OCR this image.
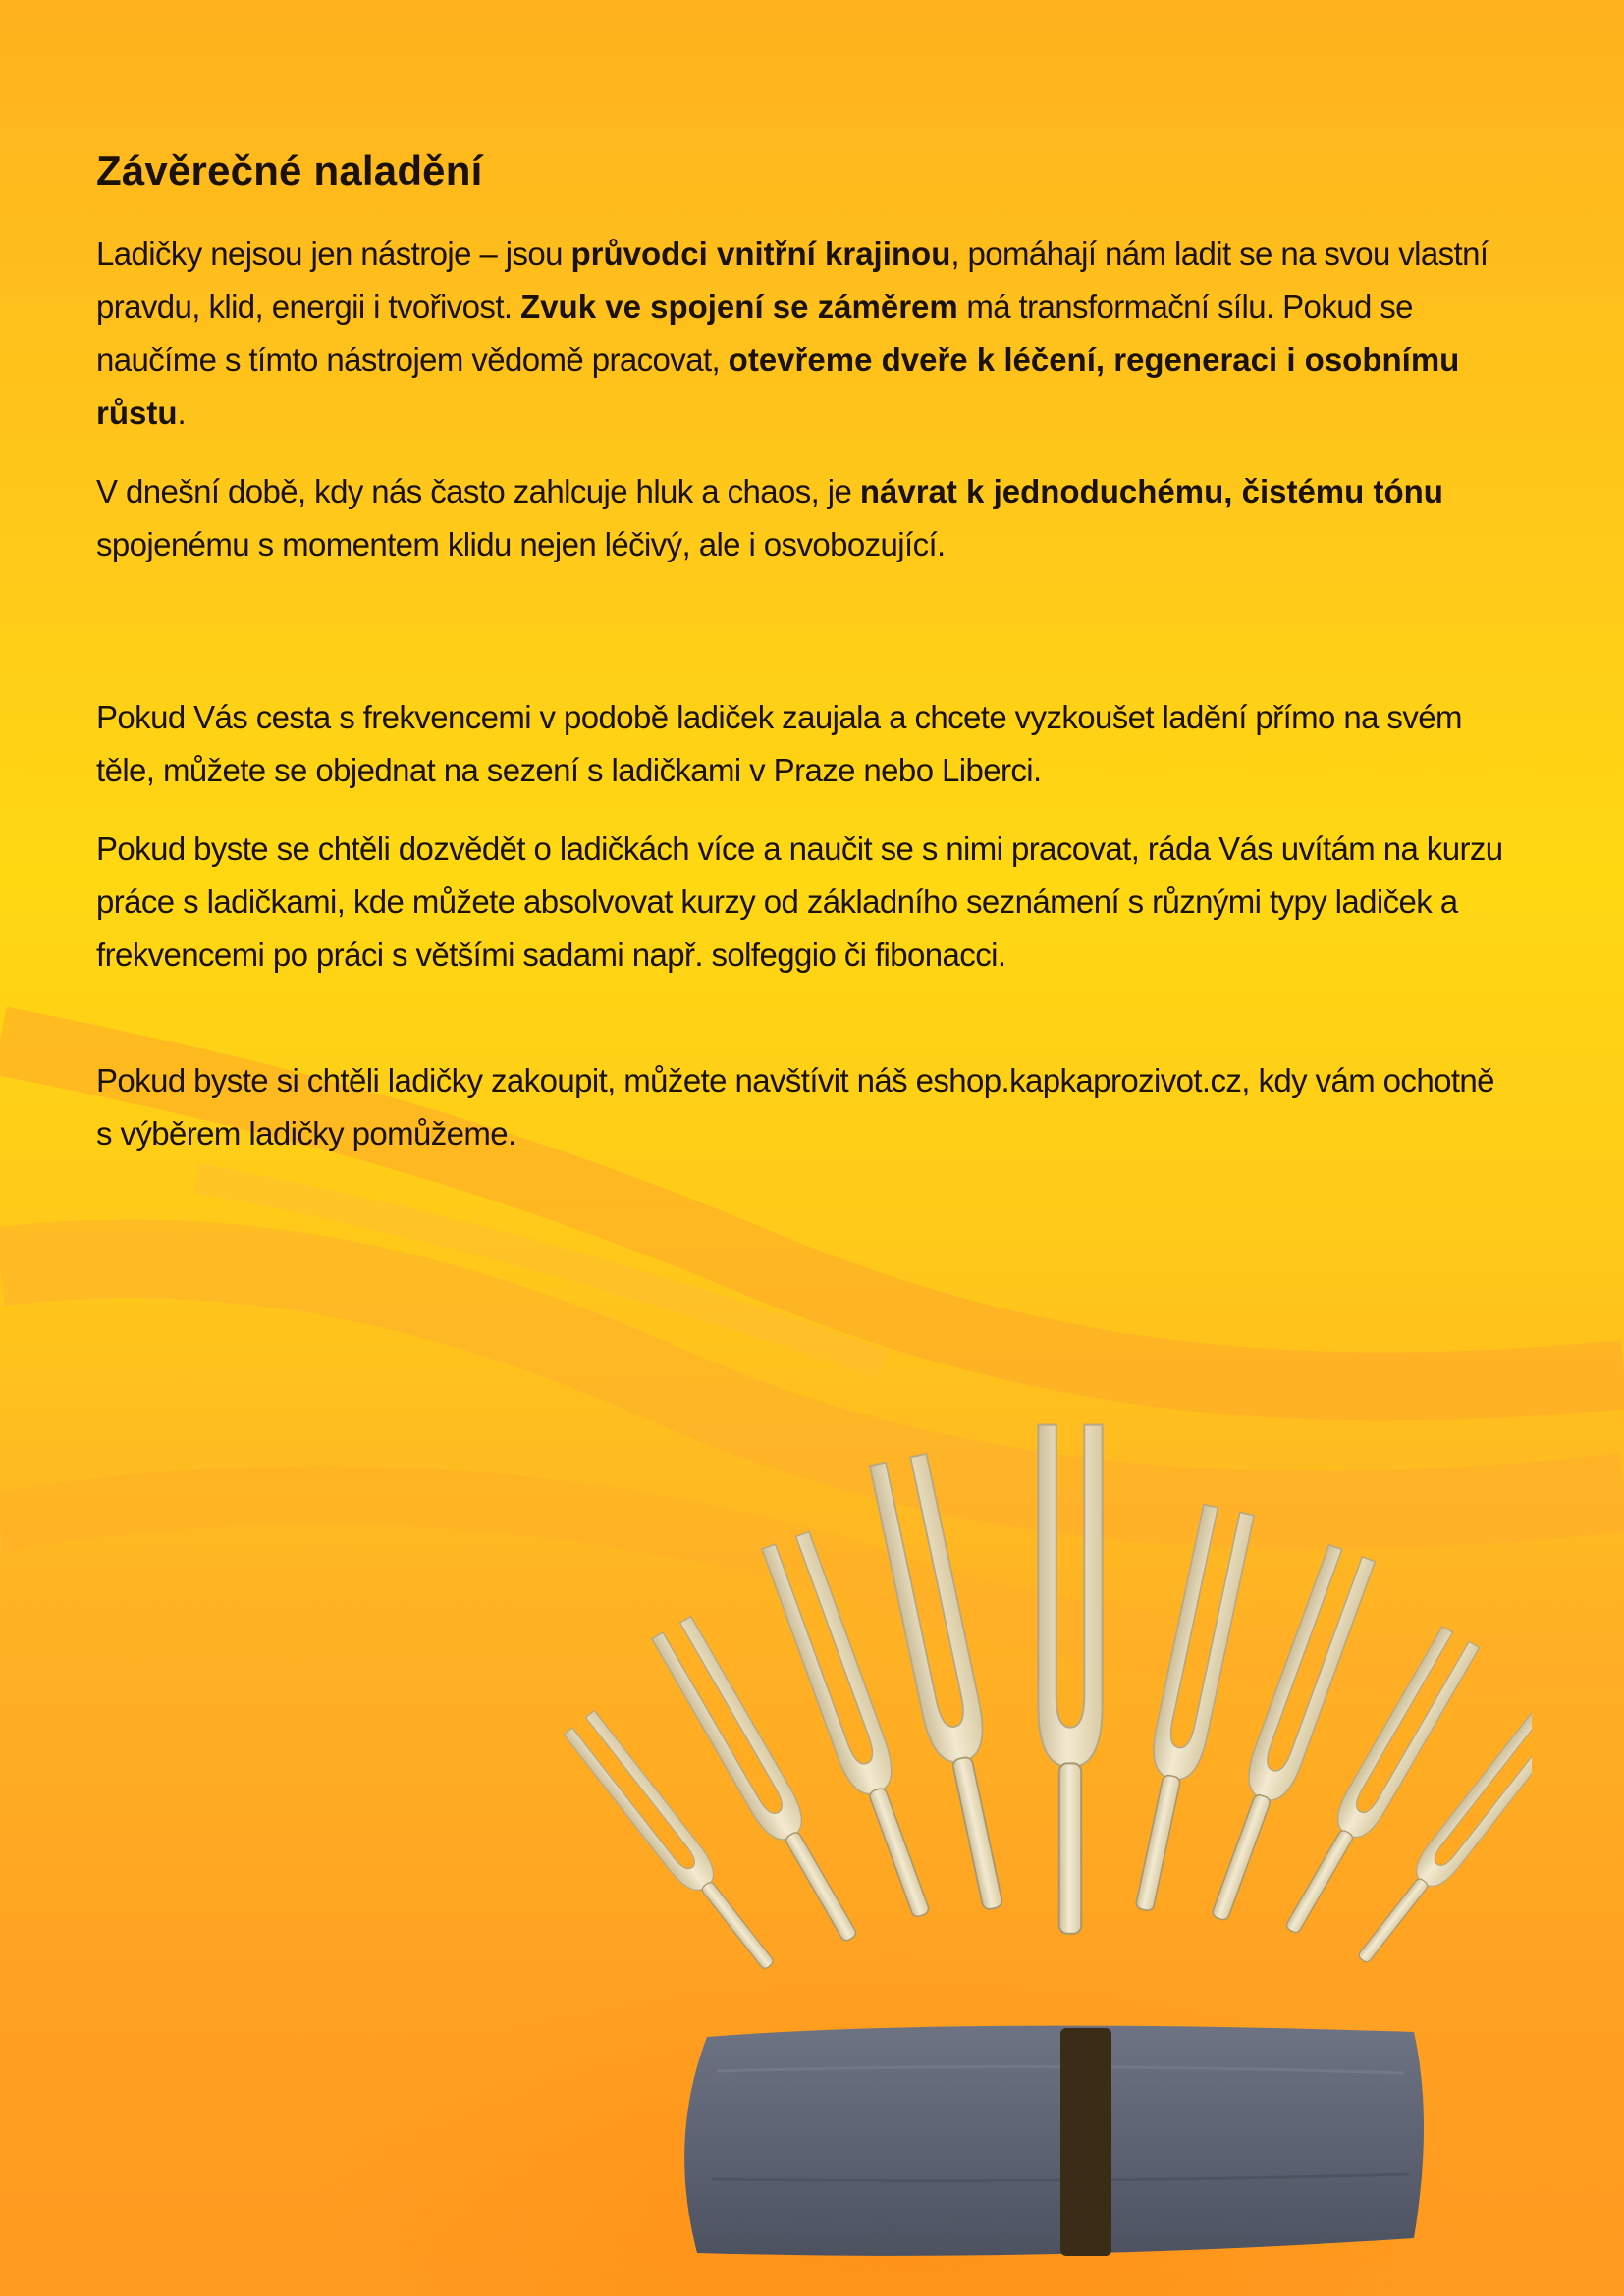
Závěrečné naladění

Ladičky nejsou jen nástroje – jsou průvodci vnitřní krajinou, pomáhají nám ladit se na svou vlastní pravdu, klid, energii i tvořivost. Zvuk ve spojení se záměrem má transformační sílu. Pokud se naučíme s tímto nástrojem vědomě pracovat, otevřeme dveře k léčení, regeneraci i osobnímu růstu.

V dnešní době, kdy nás často zahlcuje hluk a chaos, je návrat k jednoduchému, čistému tónu spojenému s momentem klidu nejen léčivý, ale i osvobozující.

Pokud Vás cesta s frekvencemi v podobě ladiček zaujala a chcete vyzkoušet ladění přímo na svém těle, můžete se objednat na sezení s ladičkami v Praze nebo Liberci.

Pokud byste se chtěli dozvědět o ladičkách více a naučit se s nimi pracovat, ráda Vás uvítám na kurzu práce s ladičkami, kde můžete absolvovat kurzy od základního seznámení s různými typy ladiček a frekvencemi po práci s většími sadami např. solfeggio či fibonacci.

Pokud byste si chtěli ladičky zakoupit, můžete navštívit náš eshop.kapkaprozivot.cz, kdy vám ochotně s výběrem ladičky pomůžeme.
